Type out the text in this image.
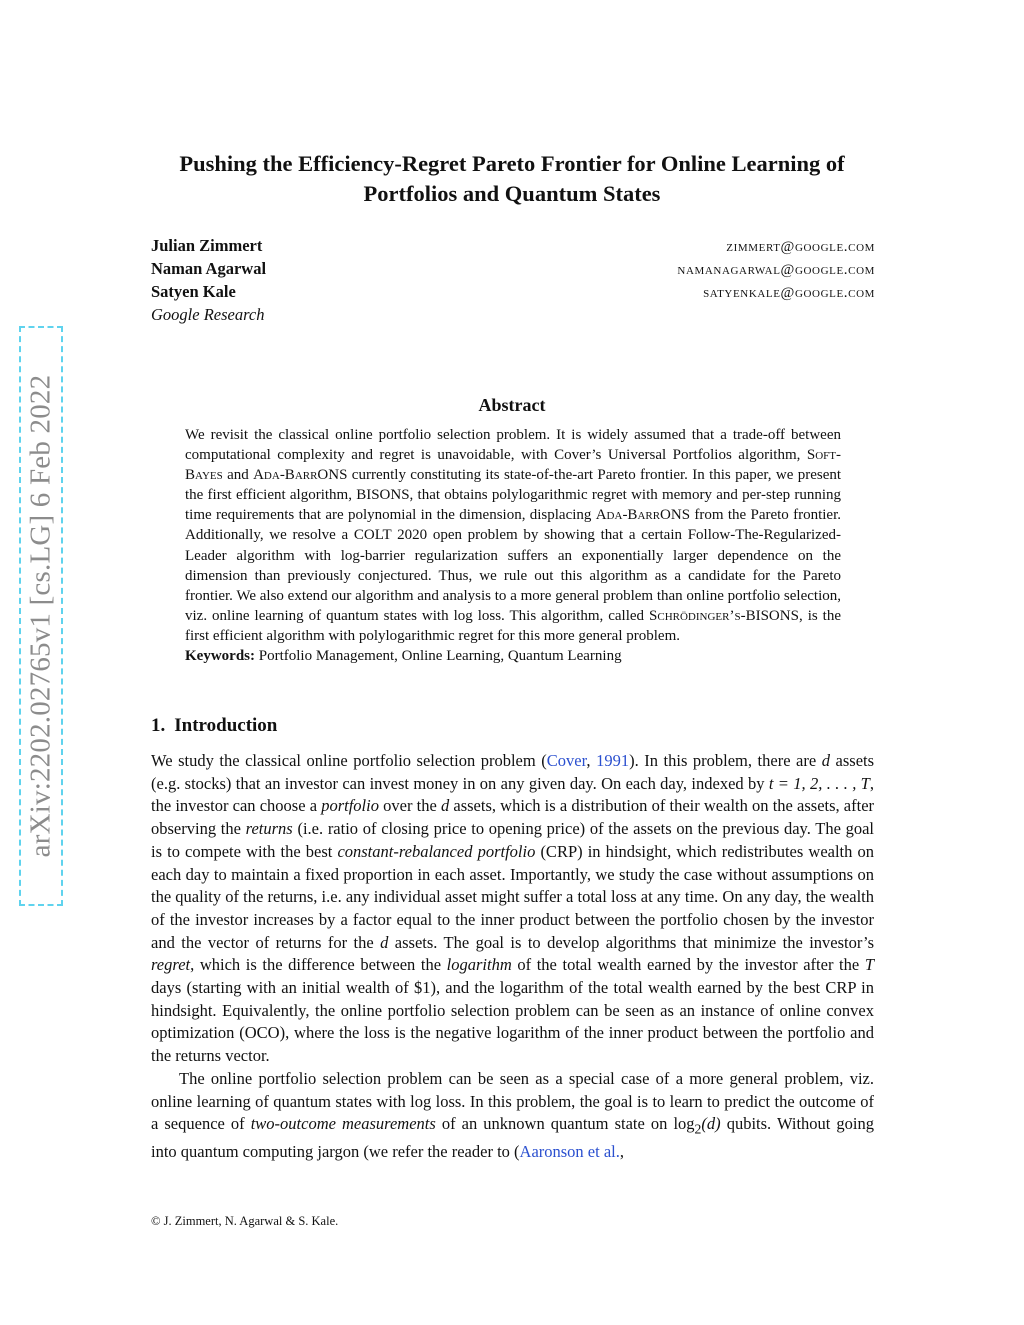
arXiv:2202.02765v1 [cs.LG] 6 Feb 2022
Pushing the Efficiency-Regret Pareto Frontier for Online Learning of Portfolios and Quantum States
Julian Zimmert	zimmert@google.com
Naman Agarwal	namanagarwal@google.com
Satyen Kale	satyenkale@google.com
Google Research
Abstract

We revisit the classical online portfolio selection problem. It is widely assumed that a trade-off between computational complexity and regret is unavoidable, with Cover’s Universal Portfolios algorithm, Soft-Bayes and Ada-BarrONS currently constituting its state-of-the-art Pareto frontier. In this paper, we present the first efficient algorithm, BISONS, that obtains polylogarithmic regret with memory and per-step running time requirements that are polynomial in the dimension, displacing Ada-BarrONS from the Pareto frontier. Additionally, we resolve a COLT 2020 open problem by showing that a certain Follow-The-Regularized-Leader algorithm with log-barrier regularization suffers an exponentially larger dependence on the dimension than previously conjectured. Thus, we rule out this algorithm as a candidate for the Pareto frontier. We also extend our algorithm and analysis to a more general problem than online portfolio selection, viz. online learning of quantum states with log loss. This algorithm, called Schrödinger’s-BISONS, is the first efficient algorithm with polylogarithmic regret for this more general problem.

Keywords: Portfolio Management, Online Learning, Quantum Learning

1. Introduction

We study the classical online portfolio selection problem (Cover, 1991). In this problem, there are d assets (e.g. stocks) that an investor can invest money in on any given day. On each day, indexed by t = 1, 2, . . . , T, the investor can choose a portfolio over the d assets, which is a distribution of their wealth on the assets, after observing the returns (i.e. ratio of closing price to opening price) of the assets on the previous day. The goal is to compete with the best constant-rebalanced portfolio (CRP) in hindsight, which redistributes wealth on each day to maintain a fixed proportion in each asset. Importantly, we study the case without assumptions on the quality of the returns, i.e. any individual asset might suffer a total loss at any time. On any day, the wealth of the investor increases by a factor equal to the inner product between the portfolio chosen by the investor and the vector of returns for the d assets. The goal is to develop algorithms that minimize the investor’s regret, which is the difference between the logarithm of the total wealth earned by the investor after the T days (starting with an initial wealth of $1), and the logarithm of the total wealth earned by the best CRP in hindsight. Equivalently, the online portfolio selection problem can be seen as an instance of online convex optimization (OCO), where the loss is the negative logarithm of the inner product between the portfolio and the returns vector.

The online portfolio selection problem can be seen as a special case of a more general problem, viz. online learning of quantum states with log loss. In this problem, the goal is to learn to predict the outcome of a sequence of two-outcome measurements of an unknown quantum state on $\log_2(d)$ qubits. Without going into quantum computing jargon (we refer the reader to (Aaronson et al.,

© J. Zimmert, N. Agarwal & S. Kale.
